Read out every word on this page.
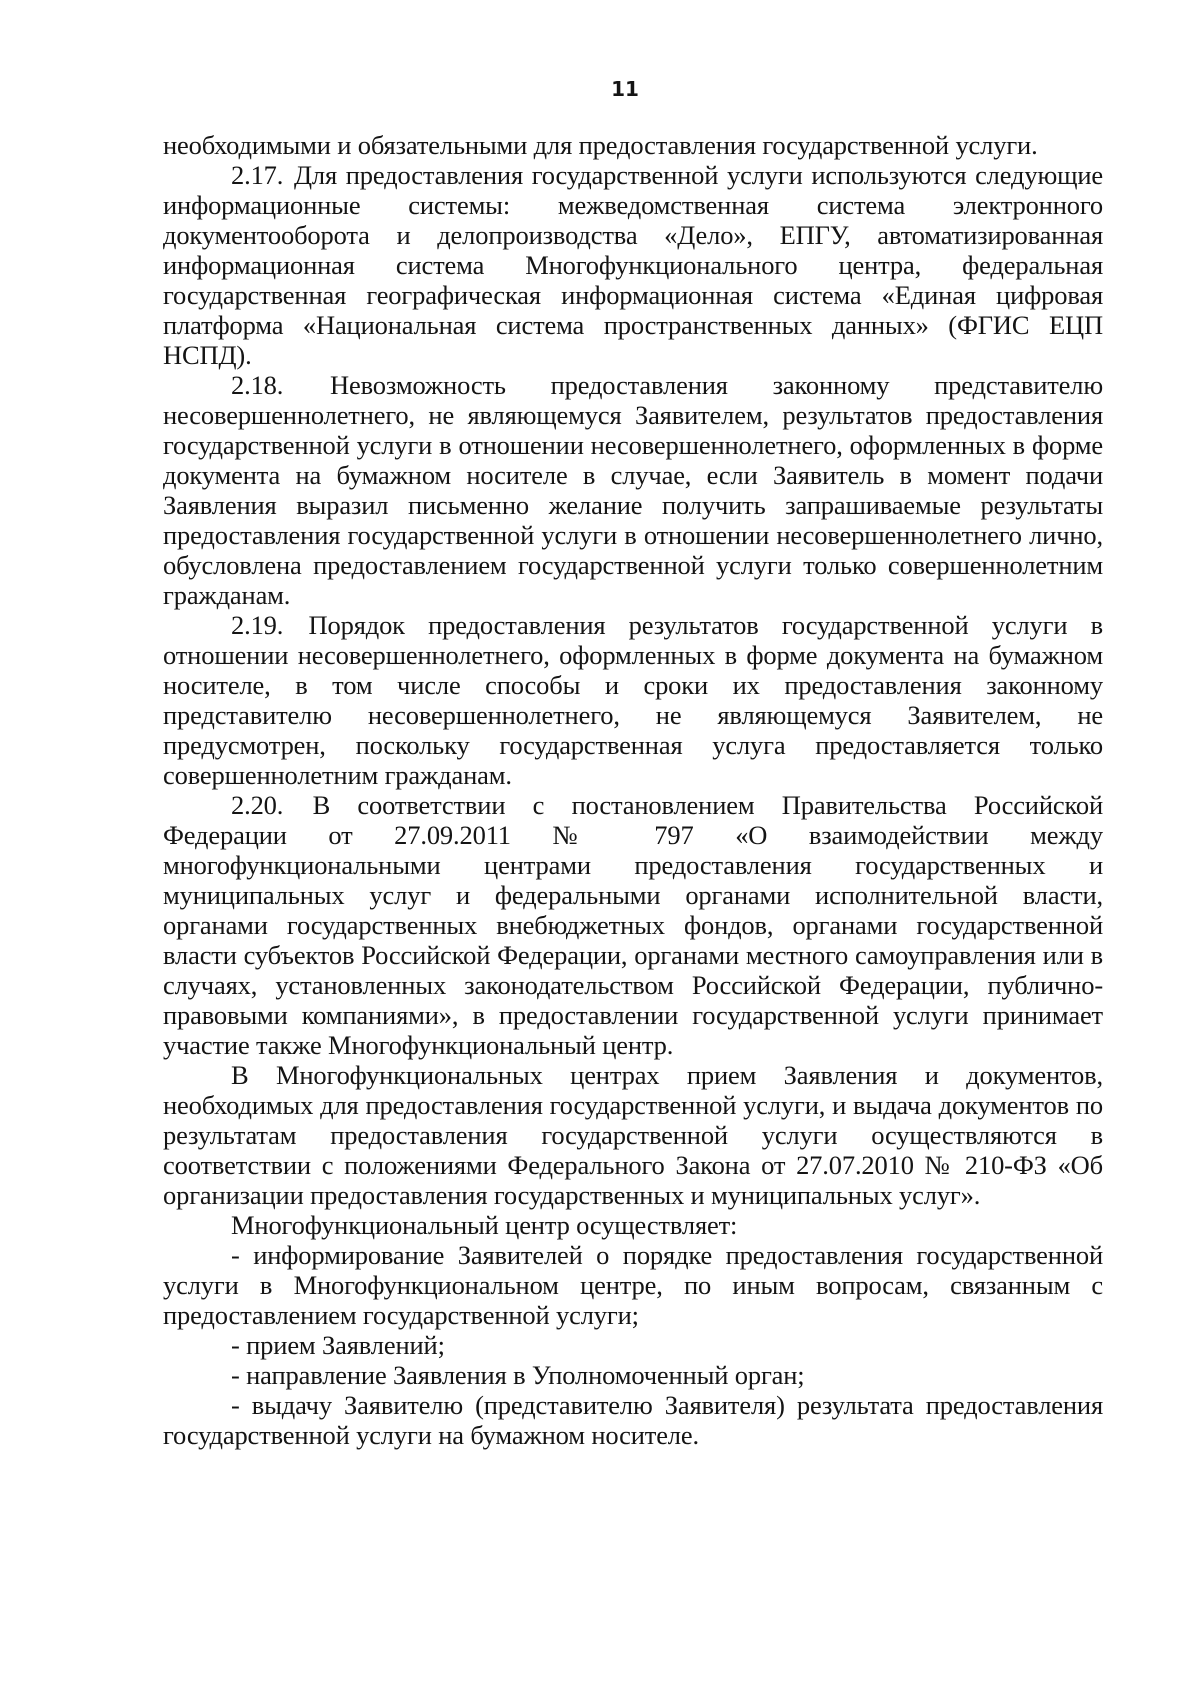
11

необходимыми и обязательными для предоставления государственной услуги.

2.17. Для предоставления государственной услуги используются следующие информационные системы: межведомственная система электронного документооборота и делопроизводства «Дело», ЕПГУ, автоматизированная информационная система Многофункционального центра, федеральная государственная географическая информационная система «Единая цифровая платформа «Национальная система пространственных данных» (ФГИС ЕЦП НСПД).

2.18. Невозможность предоставления законному представителю несовершеннолетнего, не являющемуся Заявителем, результатов предоставления государственной услуги в отношении несовершеннолетнего, оформленных в форме документа на бумажном носителе в случае, если Заявитель в момент подачи Заявления выразил письменно желание получить запрашиваемые результаты предоставления государственной услуги в отношении несовершеннолетнего лично, обусловлена предоставлением государственной услуги только совершеннолетним гражданам.

2.19. Порядок предоставления результатов государственной услуги в отношении несовершеннолетнего, оформленных в форме документа на бумажном носителе, в том числе способы и сроки их предоставления законному представителю несовершеннолетнего, не являющемуся Заявителем, не предусмотрен, поскольку государственная услуга предоставляется только совершеннолетним гражданам.

2.20. В соответствии с постановлением Правительства Российской Федерации от 27.09.2011 № 797 «О взаимодействии между многофункциональными центрами предоставления государственных и муниципальных услуг и федеральными органами исполнительной власти, органами государственных внебюджетных фондов, органами государственной власти субъектов Российской Федерации, органами местного самоуправления или в случаях, установленных законодательством Российской Федерации, публично-правовыми компаниями», в предоставлении государственной услуги принимает участие также Многофункциональный центр.

В Многофункциональных центрах прием Заявления и документов, необходимых для предоставления государственной услуги, и выдача документов по результатам предоставления государственной услуги осуществляются в соответствии с положениями Федерального Закона от 27.07.2010 № 210-ФЗ «Об организации предоставления государственных и муниципальных услуг».

Многофункциональный центр осуществляет:

- информирование Заявителей о порядке предоставления государственной услуги в Многофункциональном центре, по иным вопросам, связанным с предоставлением государственной услуги;

- прием Заявлений;

- направление Заявления в Уполномоченный орган;

- выдачу Заявителю (представителю Заявителя) результата предоставления государственной услуги на бумажном носителе.
